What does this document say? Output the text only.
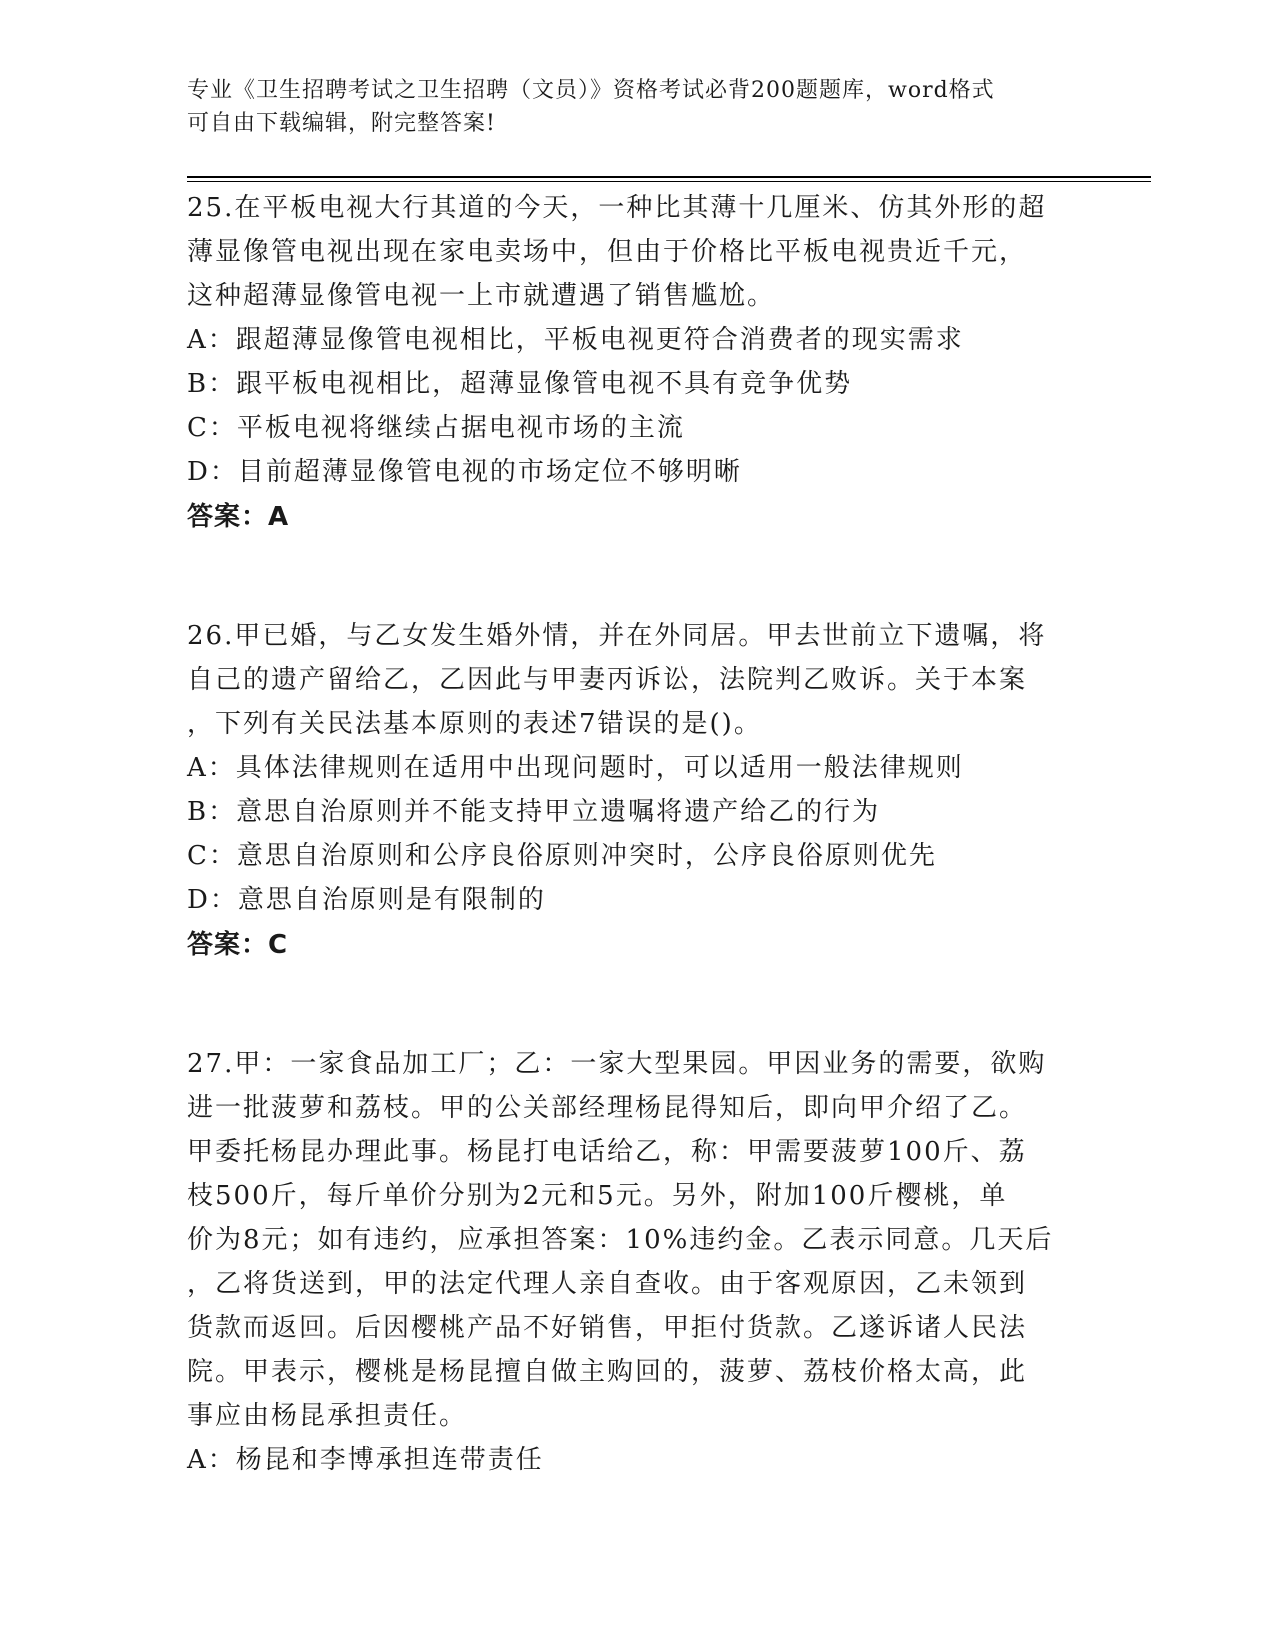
专业《卫生招聘考试之卫生招聘（文员）》资格考试必背200题题库，word格式
可自由下载编辑，附完整答案!
25.在平板电视大行其道的今天，一种比其薄十几厘米、仿其外形的超
薄显像管电视出现在家电卖场中，但由于价格比平板电视贵近千元，
这种超薄显像管电视一上市就遭遇了销售尴尬。
A：跟超薄显像管电视相比，平板电视更符合消费者的现实需求
B：跟平板电视相比，超薄显像管电视不具有竞争优势
C：平板电视将继续占据电视市场的主流
D：目前超薄显像管电视的市场定位不够明晰
答案：A
26.甲已婚，与乙女发生婚外情，并在外同居。甲去世前立下遗嘱，将
自己的遗产留给乙，乙因此与甲妻丙诉讼，法院判乙败诉。关于本案
，下列有关民法基本原则的表述7错误的是()。
A：具体法律规则在适用中出现问题时，可以适用一般法律规则
B：意思自治原则并不能支持甲立遗嘱将遗产给乙的行为
C：意思自治原则和公序良俗原则冲突时，公序良俗原则优先
D：意思自治原则是有限制的
答案：C
27.甲：一家食品加工厂；乙：一家大型果园。甲因业务的需要，欲购
进一批菠萝和荔枝。甲的公关部经理杨昆得知后，即向甲介绍了乙。
甲委托杨昆办理此事。杨昆打电话给乙，称：甲需要菠萝100斤、荔
枝500斤，每斤单价分别为2元和5元。另外，附加100斤樱桃，单
价为8元；如有违约，应承担答案：10%违约金。乙表示同意。几天后
，乙将货送到，甲的法定代理人亲自查收。由于客观原因，乙未领到
货款而返回。后因樱桃产品不好销售，甲拒付货款。乙遂诉诸人民法
院。甲表示，樱桃是杨昆擅自做主购回的，菠萝、荔枝价格太高，此
事应由杨昆承担责任。
A：杨昆和李博承担连带责任
